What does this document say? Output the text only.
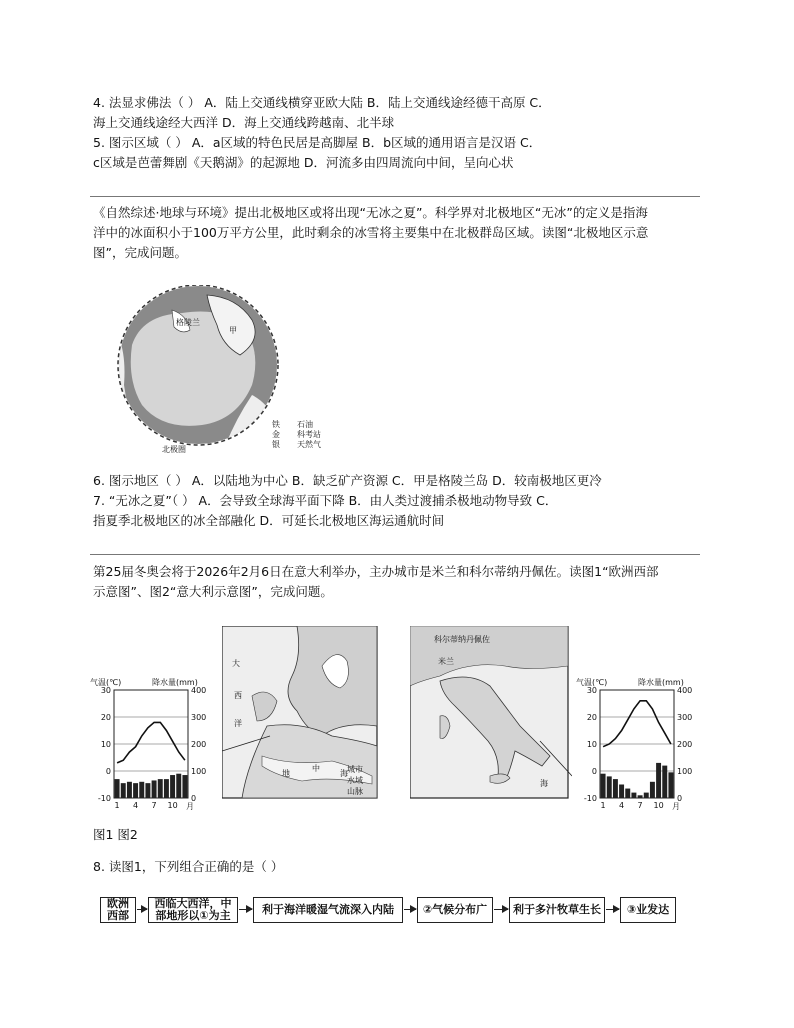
4. 法显求佛法（ ） A．陆上交通线横穿亚欧大陆 B．陆上交通线途经德干高原 C．
海上交通线途经大西洋 D．海上交通线跨越南、北半球
5. 图示区域（ ） A．a区域的特色民居是高脚屋 B．b区域的通用语言是汉语 C．
c区域是芭蕾舞剧《天鹅湖》的起源地 D．河流多由四周流向中间，呈向心状
《自然综述·地球与环境》提出北极地区或将出现“无冰之夏”。科学界对北极地区“无冰”的定义是指海
洋中的冰面积小于100万平方公里，此时剩余的冰雪将主要集中在北极群岛区域。读图“北极地区示意
图”，完成问题。
甲
格陵兰
北极圈
铁 石油
金 科考站
银 天然气
6. 图示地区（ ） A．以陆地为中心 B．缺乏矿产资源 C．甲是格陵兰岛 D．较南极地区更冷
7. “无冰之夏”（ ） A．会导致全球海平面下降 B．由人类过渡捕杀极地动物导致 C．
指夏季北极地区的冰全部融化 D．可延长北极地区海运通航时间
第25届冬奥会将于2026年2月6日在意大利举办，主办城市是米兰和科尔蒂纳丹佩佐。读图1“欧洲西部
示意图”、图2“意大利示意图”，完成问题。
气温(℃)	降水量(mm)
30
20
10
0
-10
400
300
200
100
0
1 4 7 10 月
大
西
洋
地
中
海 城市
水域
山脉
科尔蒂纳丹佩佐
米兰
海
气温(℃)	降水量(mm)
30
20
10
0
-10
400
300
200
100
0
1 4 7 10 月
图1 图2
8. 读图1，下列组合正确的是（ ）
欧洲西部
西临大西洋，中
部地形以①为主	利于海洋暖湿气流深入内陆	②气候分布广 利于多汁牧草生长 ③业发达
